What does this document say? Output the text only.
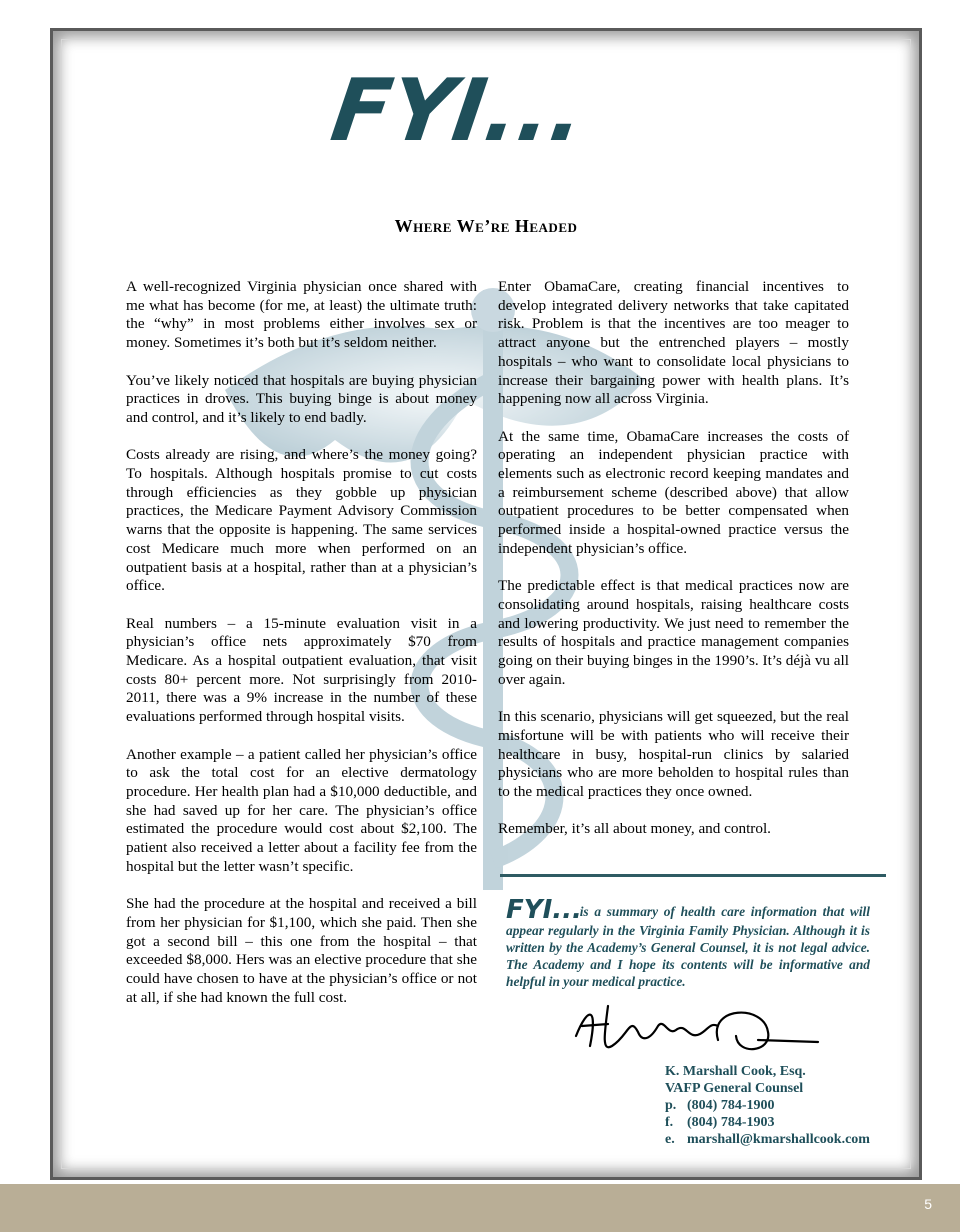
FYI...
Where We’re Headed

A well-recognized Virginia physician once shared with me what has become (for me, at least) the ultimate truth: the “why” in most problems either involves sex or money. Sometimes it’s both but it’s seldom neither.

You’ve likely noticed that hospitals are buying physician practices in droves. This buying binge is about money and control, and it’s likely to end badly.

Costs already are rising, and where’s the money going? To hospitals. Although hospitals promise to cut costs through efficiencies as they gobble up physician practices, the Medicare Payment Advisory Commission warns that the opposite is happening. The same services cost Medicare much more when performed on an outpatient basis at a hospital, rather than at a physician’s office.

Real numbers – a 15-minute evaluation visit in a physician’s office nets approximately $70 from Medicare. As a hospital outpatient evaluation, that visit costs 80+ percent more. Not surprisingly from 2010-2011, there was a 9% increase in the number of these evaluations performed through hospital visits.

Another example – a patient called her physician’s office to ask the total cost for an elective dermatology procedure. Her health plan had a $10,000 deductible, and she had saved up for her care. The physician’s office estimated the procedure would cost about $2,100. The patient also received a letter about a facility fee from the hospital but the letter wasn’t specific.

She had the procedure at the hospital and received a bill from her physician for $1,100, which she paid. Then she got a second bill – this one from the hospital – that exceeded $8,000. Hers was an elective procedure that she could have chosen to have at the physician’s office or not at all, if she had known the full cost.

Enter ObamaCare, creating financial incentives to develop integrated delivery networks that take capitated risk. Problem is that the incentives are too meager to attract anyone but the entrenched players – mostly hospitals – who want to consolidate local physicians to increase their bargaining power with health plans. It’s happening now all across Virginia.

At the same time, ObamaCare increases the costs of operating an independent physician practice with elements such as electronic record keeping mandates and a reimbursement scheme (described above) that allow outpatient procedures to be better compensated when performed inside a hospital-owned practice versus the independent physician’s office.

The predictable effect is that medical practices now are consolidating around hospitals, raising healthcare costs and lowering productivity. We just need to remember the results of hospitals and practice management companies going on their buying binges in the 1990’s. It’s déjà vu all over again.

In this scenario, physicians will get squeezed, but the real misfortune will be with patients who will receive their healthcare in busy, hospital-run clinics by salaried physicians who are more beholden to hospital rules than to the medical practices they once owned.

Remember, it’s all about money, and control.

FYI...
is a summary of health care information that will appear regularly in the Virginia Family Physician. Although it is written by the Academy’s General Counsel, it is not legal advice. The Academy and I hope its contents will be informative and helpful in your medical practice.
K. Marshall Cook, Esq.
VAFP General Counsel
p. (804) 784-1900
f. (804) 784-1903
e. marshall@kmarshallcook.com
5
